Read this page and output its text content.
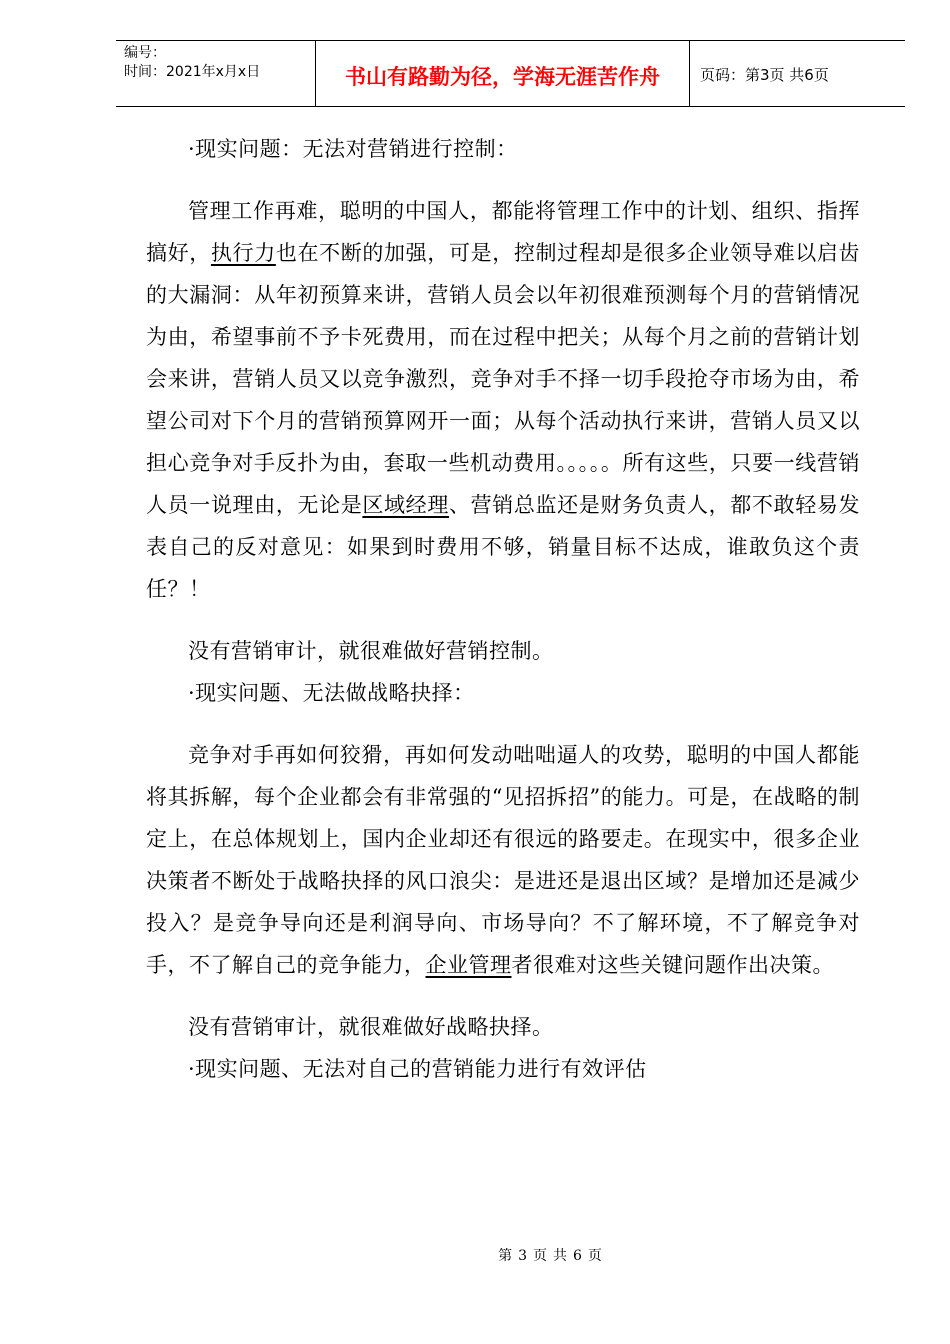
编号：
时间：2021年x月x日	书山有路勤为径，学海无涯苦作舟	页码：第3页 共6页

·现实问题：无法对营销进行控制：

管理工作再难，聪明的中国人，都能将管理工作中的计划、组织、指挥搞好，执行力也在不断的加强，可是，控制过程却是很多企业领导难以启齿的大漏洞：从年初预算来讲，营销人员会以年初很难预测每个月的营销情况为由，希望事前不予卡死费用，而在过程中把关；从每个月之前的营销计划会来讲，营销人员又以竞争激烈，竞争对手不择一切手段抢夺市场为由，希望公司对下个月的营销预算网开一面；从每个活动执行来讲，营销人员又以担心竞争对手反扑为由，套取一些机动费用。。。。。所有这些，只要一线营销人员一说理由，无论是区域经理、营销总监还是财务负责人，都不敢轻易发表自己的反对意见：如果到时费用不够，销量目标不达成，谁敢负这个责任？！

没有营销审计，就很难做好营销控制。

·现实问题、无法做战略抉择：

竞争对手再如何狡猾，再如何发动咄咄逼人的攻势，聪明的中国人都能将其拆解，每个企业都会有非常强的“见招拆招”的能力。可是，在战略的制定上，在总体规划上，国内企业却还有很远的路要走。在现实中，很多企业决策者不断处于战略抉择的风口浪尖：是进还是退出区域？是增加还是减少投入？是竞争导向还是利润导向、市场导向？不了解环境，不了解竞争对手，不了解自己的竞争能力，企业管理者很难对这些关键问题作出决策。

没有营销审计，就很难做好战略抉择。

·现实问题、无法对自己的营销能力进行有效评估

第 3 页 共 6 页
